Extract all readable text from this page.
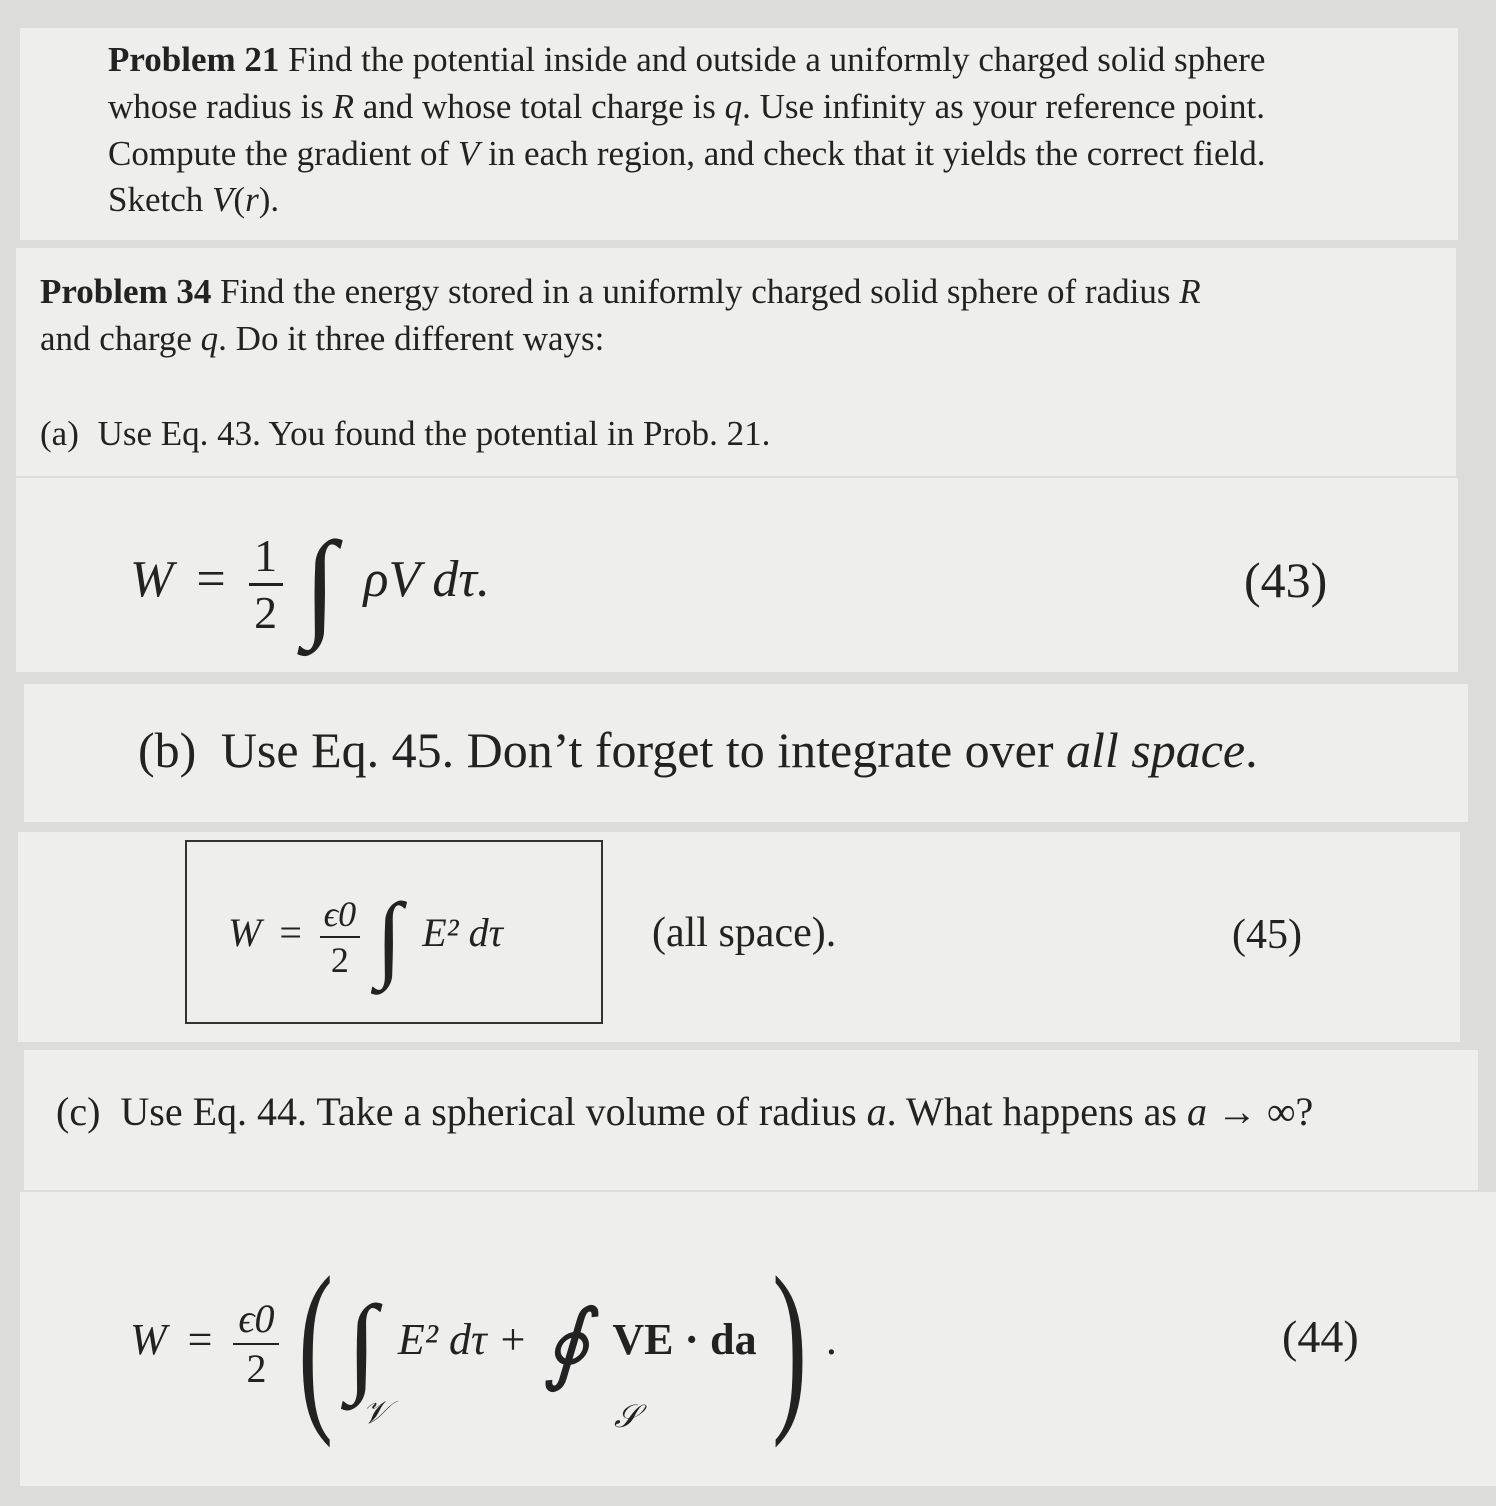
Problem 21 Find the potential inside and outside a uniformly charged solid sphere
whose radius is R and whose total charge is q. Use infinity as your reference point.
Compute the gradient of V in each region, and check that it yields the correct field.
Sketch V(r).
Problem 34 Find the energy stored in a uniformly charged solid sphere of radius R
and charge q. Do it three different ways:
(a) Use Eq. 43. You found the potential in Prob. 21.
$W = \frac{1}{2}$ ∫ ρV dτ.	(43)
(b) Use Eq. 45. Don’t forget to integrate over all space.
$W = \frac{\epsilon 0}{2}$ ∫ E² dτ	(all space).	(45)
(c) Use Eq. 44. Take a spherical volume of radius a. What happens as a → ∞?
$W = \frac{\epsilon 0}{2}$ ( ∫ E² dτ + ∮ VE · da ) .
𝒱	𝒮
(44)
